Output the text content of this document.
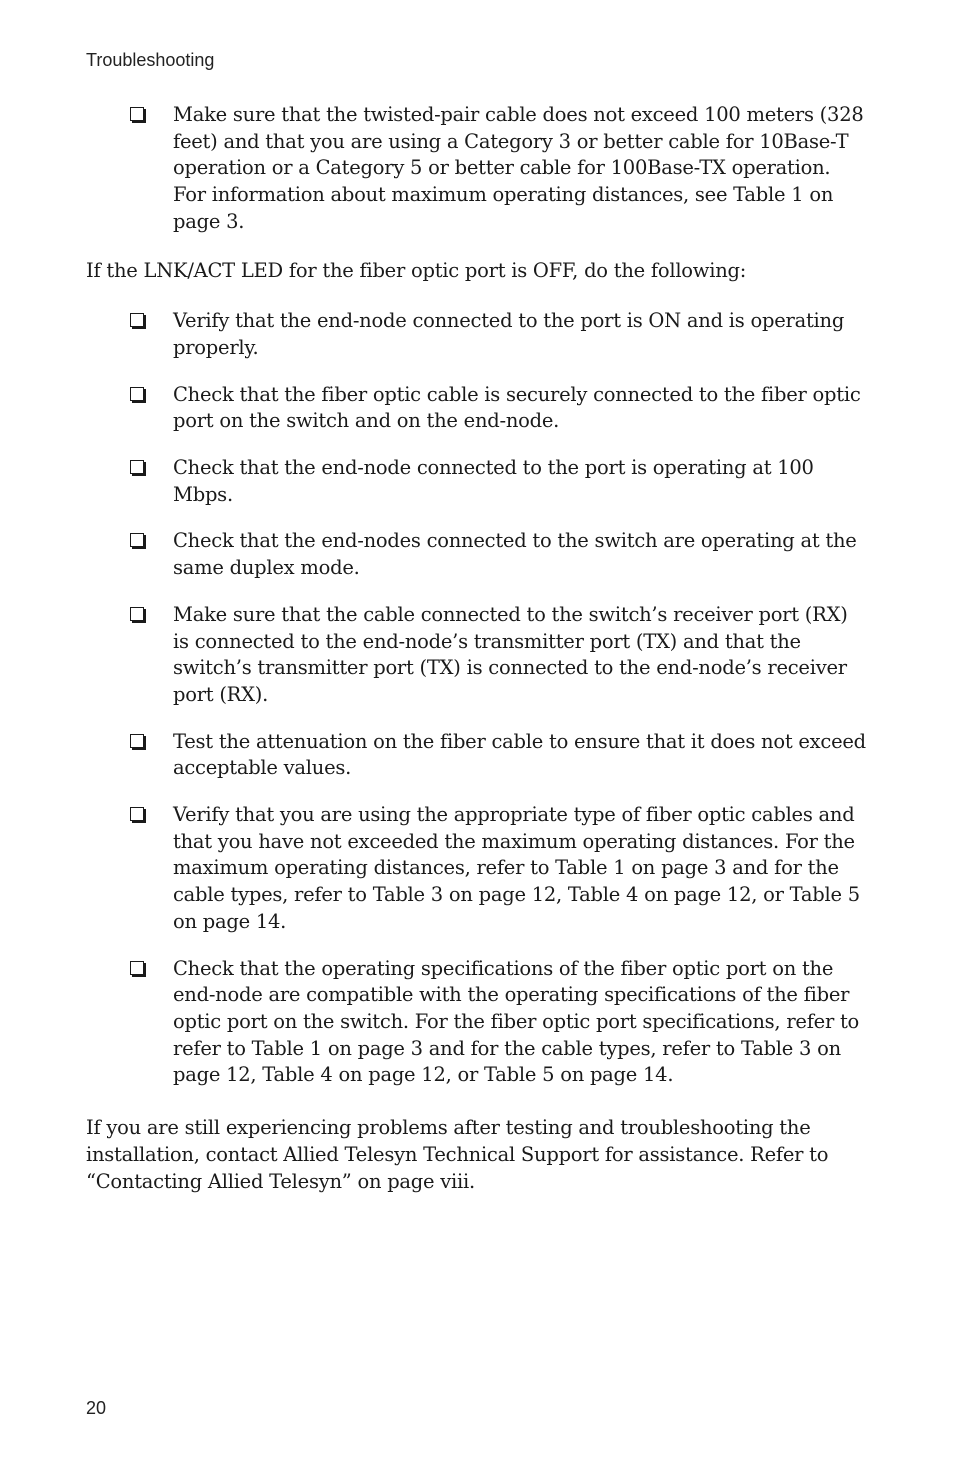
Troubleshooting
Make sure that the twisted-pair cable does not exceed 100 meters (328 feet) and that you are using a Category 3 or better cable for 10Base-T operation or a Category 5 or better cable for 100Base-TX operation. For information about maximum operating distances, see Table 1 on page 3.

If the LNK/ACT LED for the fiber optic port is OFF, do the following:

Verify that the end-node connected to the port is ON and is operating properly.
Check that the fiber optic cable is securely connected to the fiber optic port on the switch and on the end-node.
Check that the end-node connected to the port is operating at 100 Mbps.
Check that the end-nodes connected to the switch are operating at the same duplex mode.
Make sure that the cable connected to the switch’s receiver port (RX) is connected to the end-node’s transmitter port (TX) and that the switch’s transmitter port (TX) is connected to the end-node’s receiver port (RX).
Test the attenuation on the fiber cable to ensure that it does not exceed acceptable values.
Verify that you are using the appropriate type of fiber optic cables and that you have not exceeded the maximum operating distances. For the maximum operating distances, refer to Table 1 on page 3 and for the cable types, refer to Table 3 on page 12, Table 4 on page 12, or Table 5 on page 14.
Check that the operating specifications of the fiber optic port on the end-node are compatible with the operating specifications of the fiber optic port on the switch. For the fiber optic port specifications, refer to refer to Table 1 on page 3 and for the cable types, refer to Table 3 on page 12, Table 4 on page 12, or Table 5 on page 14.

If you are still experiencing problems after testing and troubleshooting the installation, contact Allied Telesyn Technical Support for assistance. Refer to “Contacting Allied Telesyn” on page viii.

20
